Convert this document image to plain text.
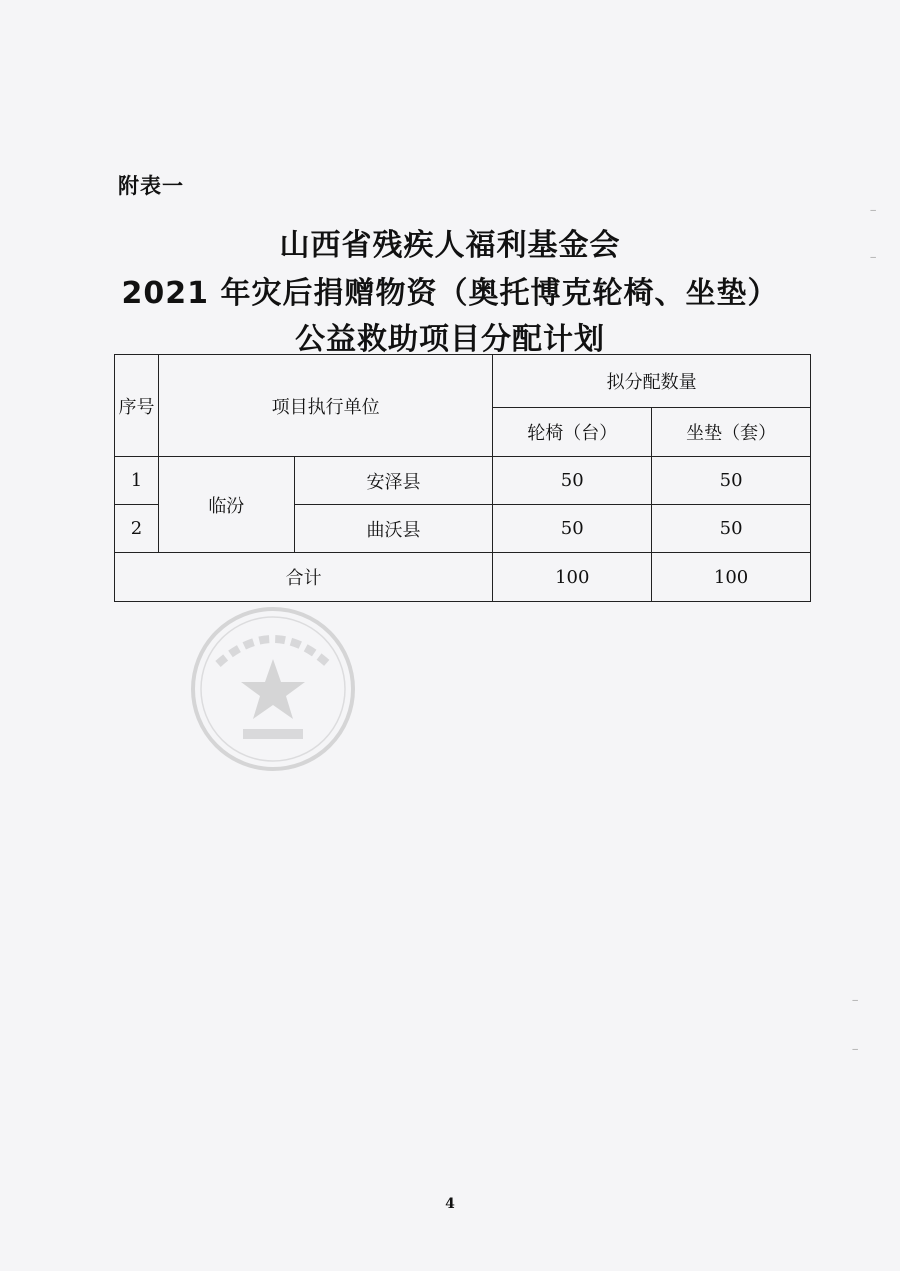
附表一
山西省残疾人福利基金会
2021 年灾后捐赠物资（奥托博克轮椅、坐垫）
公益救助项目分配计划
序号	项目执行单位		拟分配数量	
			轮椅（台）	坐垫（套）
1	临汾	安泽县	50	50
2		曲沃县	50	50
合计			100	100
‒
‒
‒
‒
4
